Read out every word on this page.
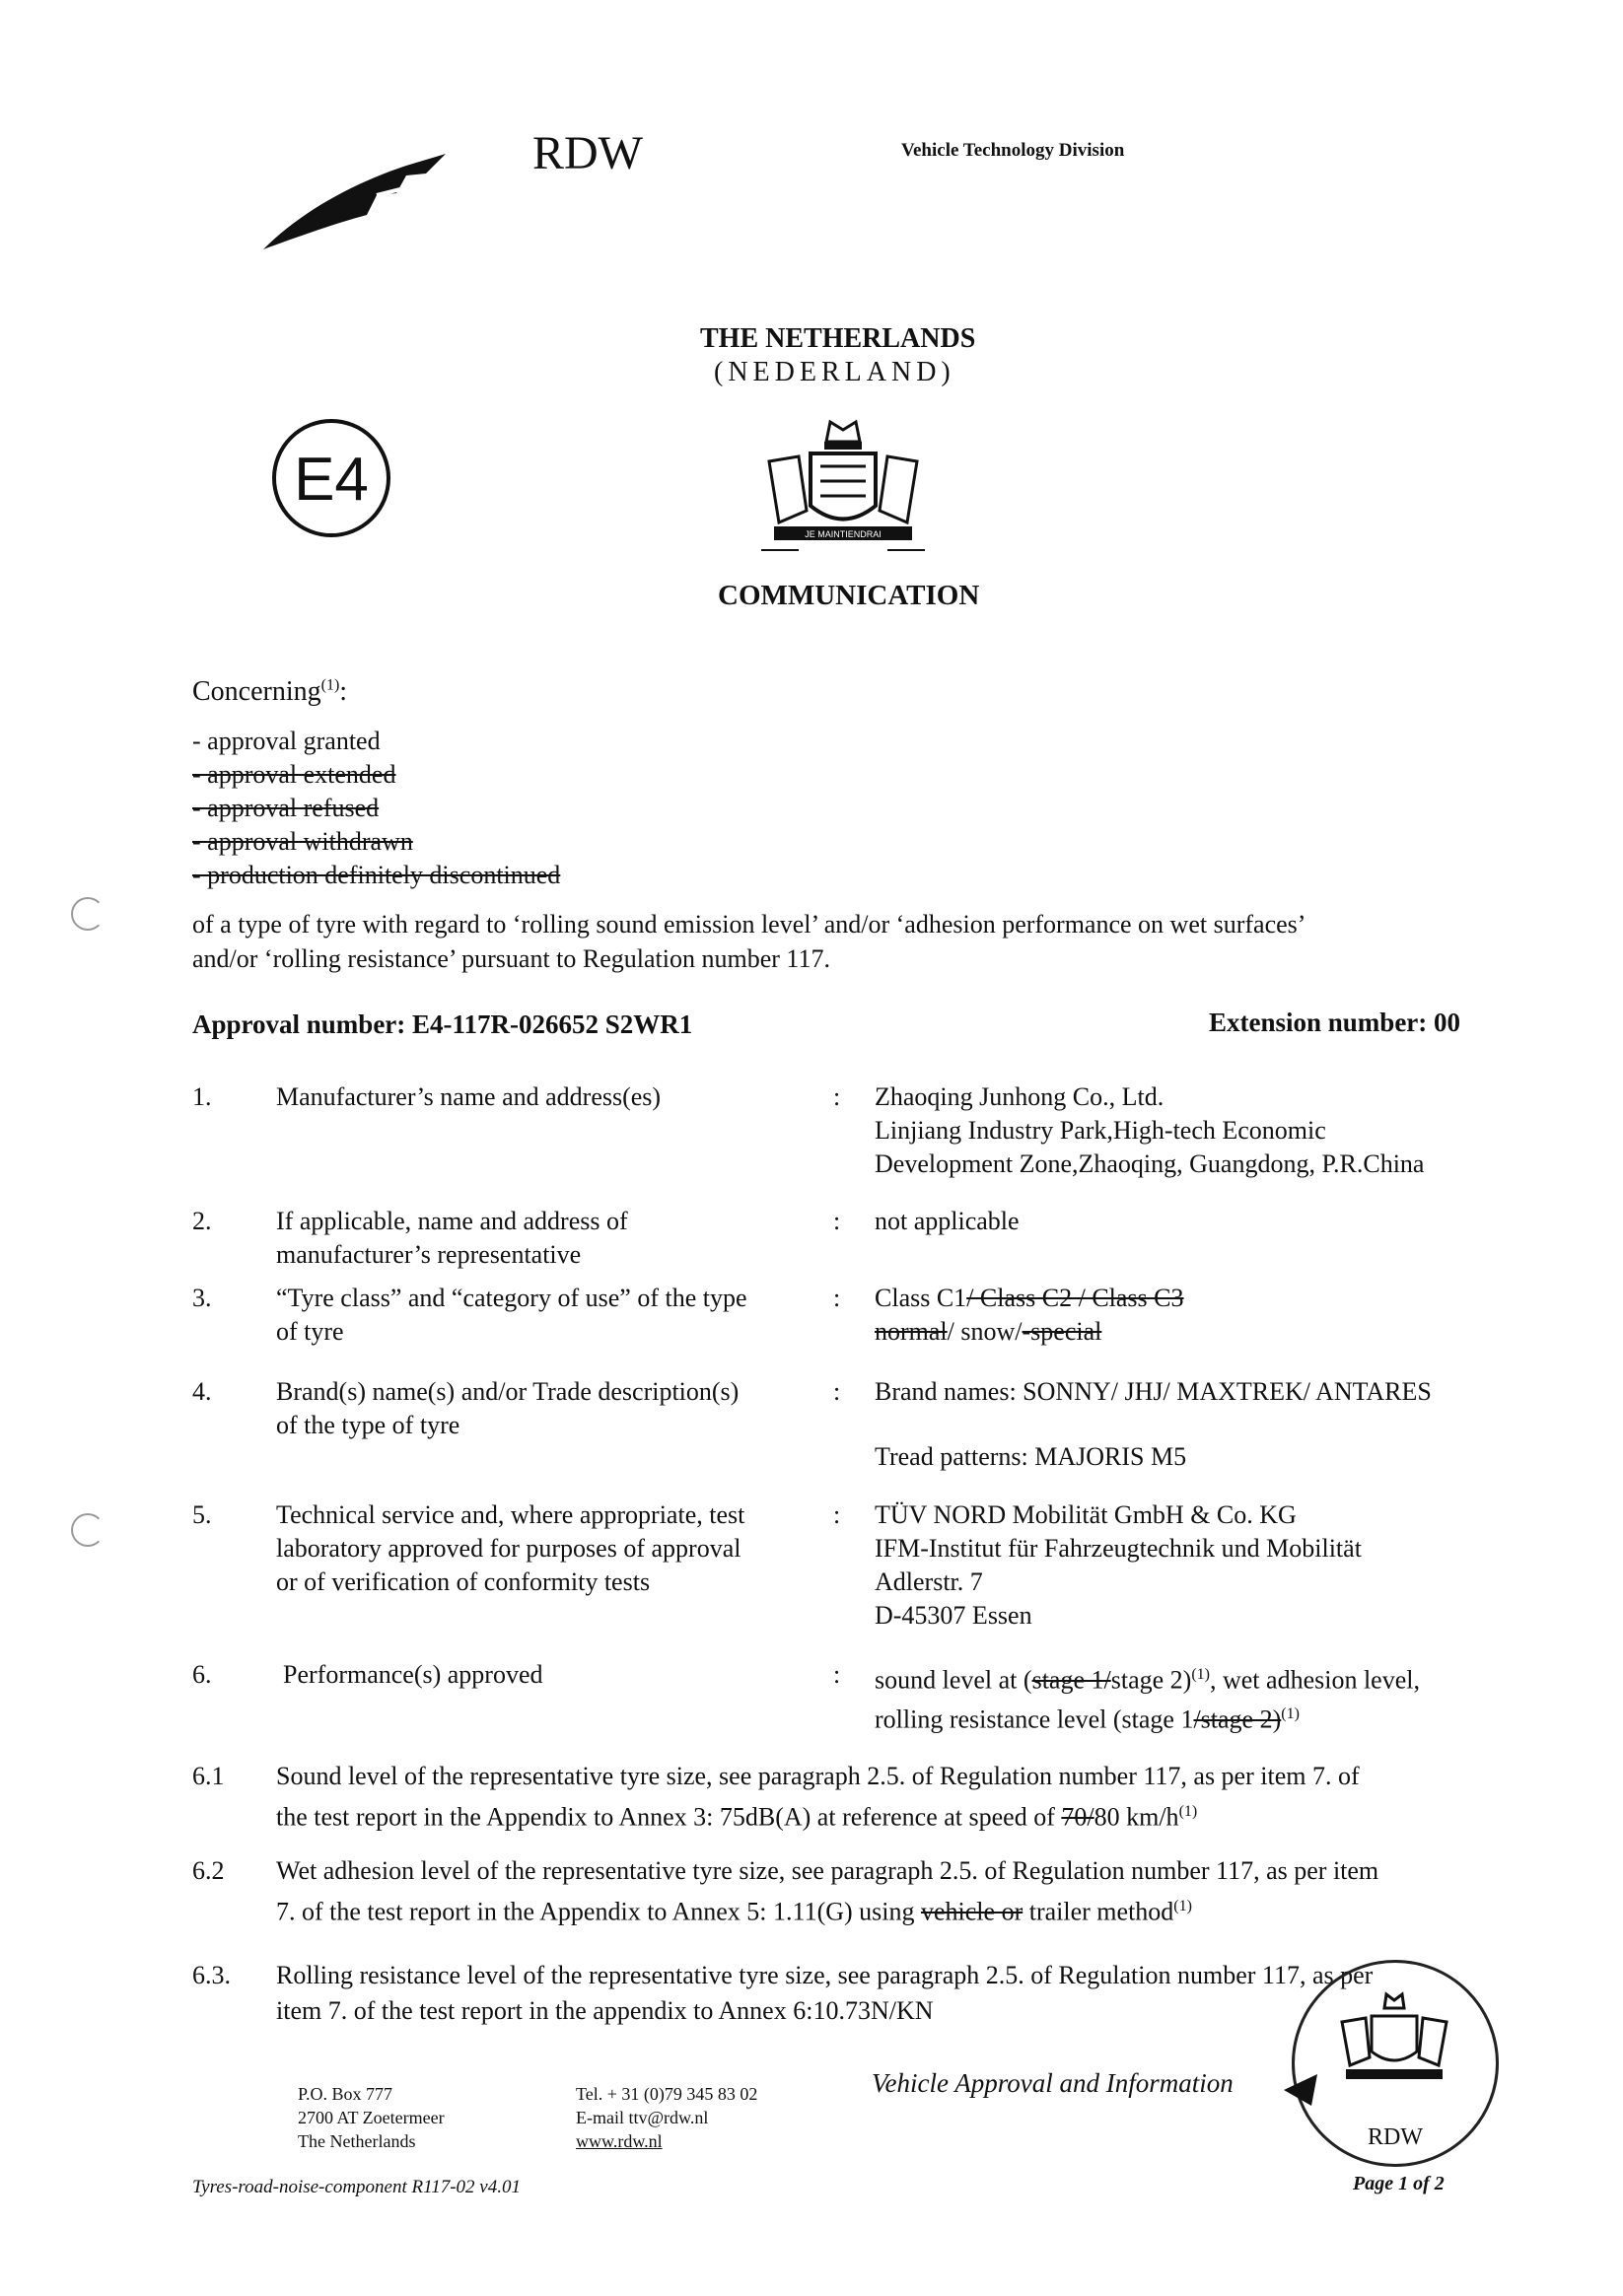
RDW	Vehicle Technology Division
THE NETHERLANDS
(NEDERLAND)
E4
JE MAINTIENDRAI
COMMUNICATION
Concerning$^{(1)}$:
- approval granted
- approval extended
- approval refused
- approval withdrawn
- production definitely discontinued
of a type of tyre with regard to ‘rolling sound emission level’ and/or ‘adhesion performance on wet surfaces’
and/or ‘rolling resistance’ pursuant to Regulation number 117.
Approval number: E4-117R-026652 S2WR1	Extension number: 00
1.	Manufacturer’s name and address(es)	: Zhaoqing Junhong Co., Ltd.
Linjiang Industry Park,High-tech Economic
Development Zone,Zhaoqing, Guangdong, P.R.China
2.	If applicable, name and address of
manufacturer’s representative
: not applicable
3.	“Tyre class” and “category of use” of the type
of tyre
: Class C1/ Class C2 / Class C3
normal/ snow/-special
4.	Brand(s) name(s) and/or Trade description(s)
of the type of tyre
: Brand names: SONNY/ JHJ/ MAXTREK/ ANTARES
Tread patterns: MAJORIS M5
5.	Technical service and, where appropriate, test
laboratory approved for purposes of approval
or of verification of conformity tests
: TÜV NORD Mobilität GmbH & Co. KG
IFM-Institut für Fahrzeugtechnik und Mobilität
Adlerstr. 7
D-45307 Essen
6.	Performance(s) approved	: sound level at (stage 1/stage 2)$^{(1)}$, wet adhesion level,
rolling resistance level (stage 1/stage 2)$^{(1)}$
6.1 Sound level of the representative tyre size, see paragraph 2.5. of Regulation number 117, as per item 7. of
the test report in the Appendix to Annex 3: 75dB(A) at reference at speed of 70/80 $km/h^{(1)}$
6.2 Wet adhesion level of the representative tyre size, see paragraph 2.5. of Regulation number 117, as per item
7. of the test report in the Appendix to Annex 5: 1.11(G) using vehicle or trailer method$^{(1)}$
6.3. Rolling resistance level of the representative tyre size, see paragraph 2.5. of Regulation number 117, as per
item 7. of the test report in the appendix to Annex 6:10.73N/KN
P.O. Box 777
2700 AT Zoetermeer
The Netherlands
Tel. + 31 (0)79 345 83 02
E-mail ttv@rdw.nl
www.rdw.nl
Vehicle Approval and Information
RDW
Tyres-road-noise-component R117-02 v4.01	Page 1 of 2
